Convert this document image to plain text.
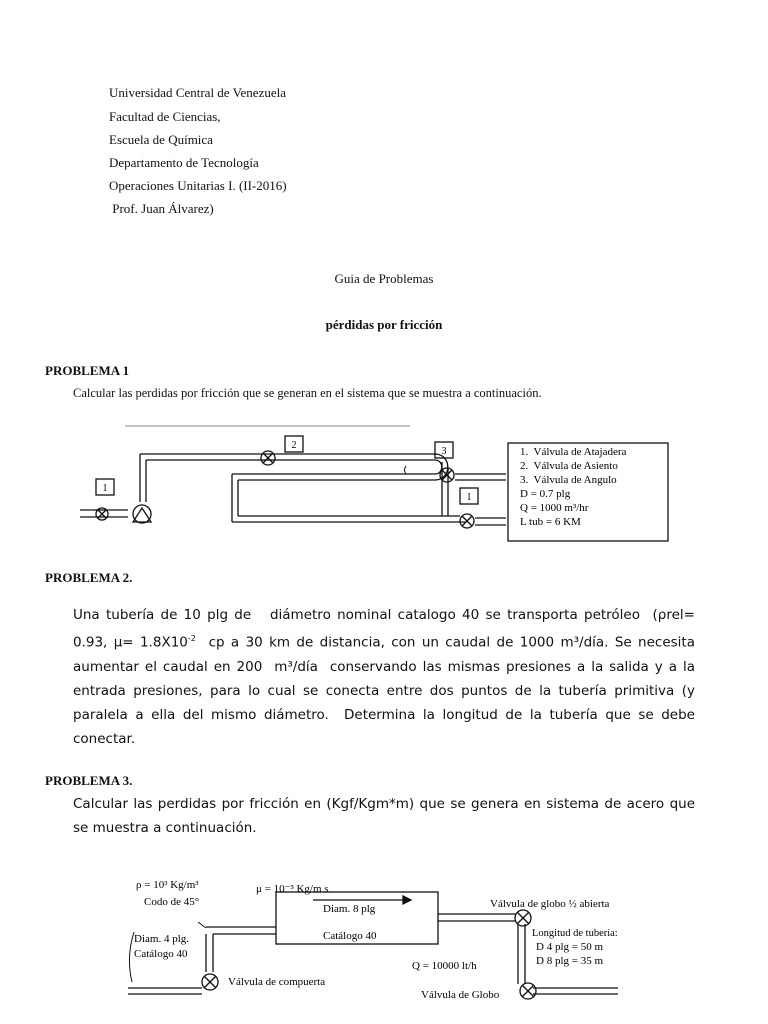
Universidad Central de Venezuela
Facultad de Ciencias,
Escuela de Química
Departamento de Tecnología
Operaciones Unitarias I. (II-2016)
Prof. Juan Álvarez)
Guia de Problemas
pérdidas por fricción
PROBLEMA 1
Calcular las perdidas por fricción que se generan en el sistema que se muestra a continuación.
1
2
3
1
1.  Válvula de Atajadera
2.  Válvula de Asiento
3.  Válvula de Angulo
D = 0.7 plg
Q = 1000 m³/hr
L tub = 6 KM
PROBLEMA 2.
Una tubería de 10 plg de   diámetro nominal catalogo 40 se transporta petróleo  (ρrel= 0.93, $\mu= 1.8X10^{-2}$  cp a 30 km de distancia, con un caudal de 1000 m³/día. Se necesita aumentar el caudal en 200  m³/día  conservando las mismas presiones a la salida y a la entrada presiones, para lo cual se conecta entre dos puntos de la tubería primitiva (y paralela a ella del mismo diámetro.  Determina la longitud de la tubería que se debe conectar.
PROBLEMA 3.
Calcular las perdidas por fricción en (Kgf/Kgm*m) que se genera en sistema de acero que se muestra a continuación.
ρ = 10³ Kg/m³	μ = 10⁻³ Kg/m s
Codo de 45°
Diam. 4 plg.
Catálogo 40
Diam. 8 plg
Catálogo 40
Válvula de globo ½ abierta
Longitud de tubería:
D 4 plg = 50 m
D 8 plg = 35 m
Q = 10000 lt/h
Válvula de compuerta
Válvula de Globo
